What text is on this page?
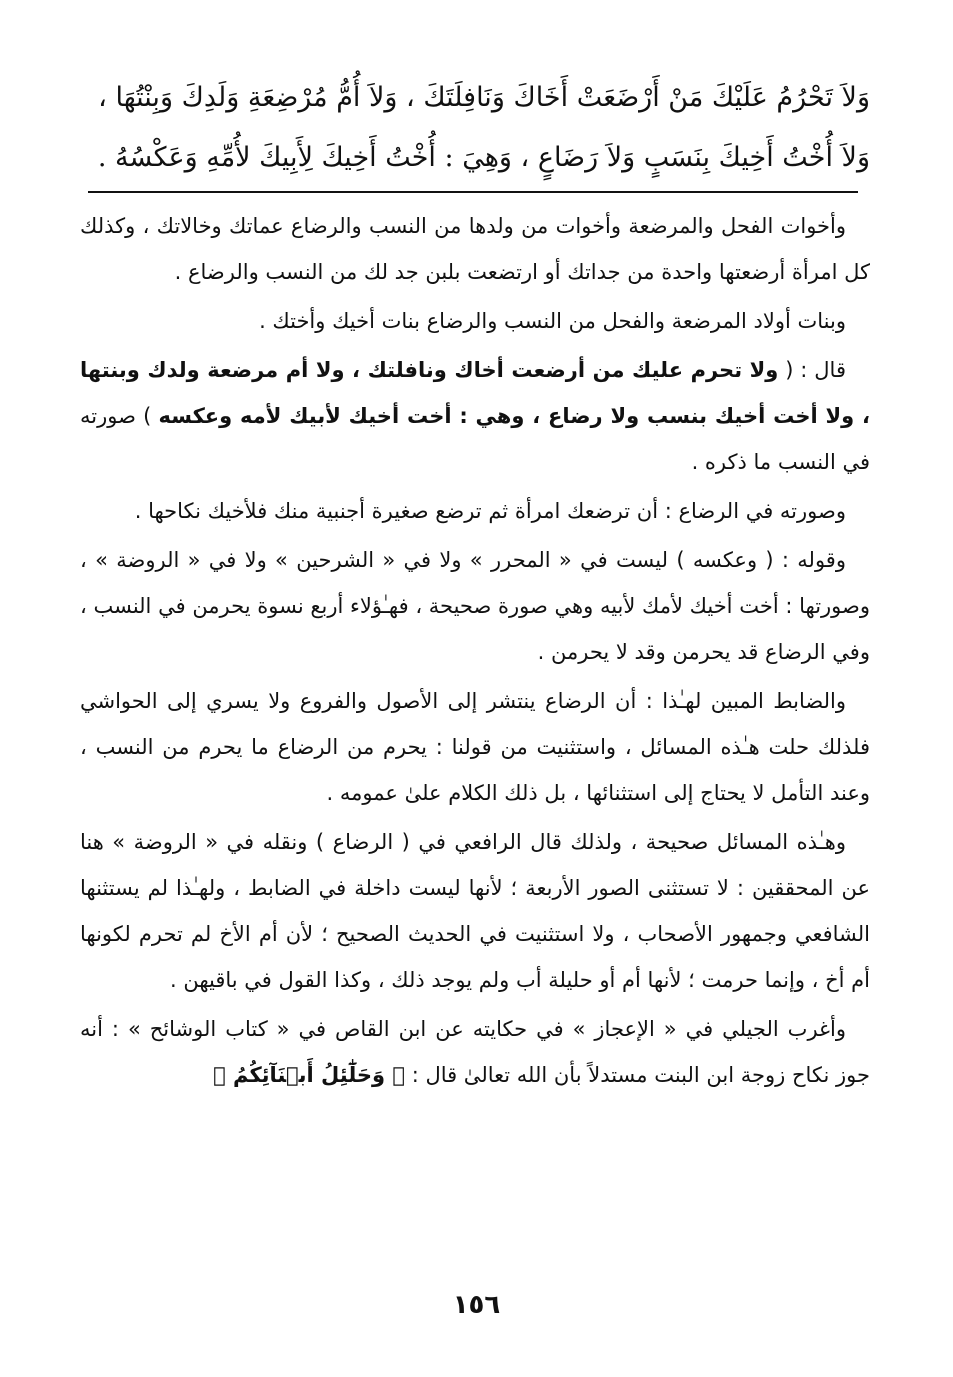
وَلاَ تَحْرُمُ عَلَيْكَ مَنْ أَرْضَعَتْ أَخَاكَ وَنَافِلَتَكَ ، وَلاَ أُمُّ مُرْضِعَةِ وَلَدِكَ وَبِنْتُهَا ،
وَلاَ أُخْتُ أَخِيكَ بِنَسَبٍ وَلاَ رَضَاعٍ ، وَهِيَ : أُخْتُ أَخِيكَ لِأَبِيكَ لأُمِّهِ وَعَكْسُهُ .

وأخوات الفحل والمرضعة وأخوات من ولدها من النسب والرضاع عماتك وخالاتك ، وكذلك كل امرأة أرضعتها واحدة من جداتك أو ارتضعت بلبن جد لك من النسب والرضاع .

وبنات أولاد المرضعة والفحل من النسب والرضاع بنات أخيك وأختك .

قال : ( ولا تحرم عليك من أرضعت أخاك ونافلتك ، ولا أم مرضعة ولدك وبنتها ، ولا أخت أخيك بنسب ولا رضاع ، وهي : أخت أخيك لأبيك لأمه وعكسه ) صورته في النسب ما ذكره .

وصورته في الرضاع : أن ترضعك امرأة ثم ترضع صغيرة أجنبية منك فلأخيك نكاحها .

وقوله : ( وعكسه ) ليست في « المحرر » ولا في « الشرحين » ولا في « الروضة » ، وصورتها : أخت أخيك لأمك لأبيه وهي صورة صحيحة ، فهـٰؤلاء أربع نسوة يحرمن في النسب ، وفي الرضاع قد يحرمن وقد لا يحرمن .

والضابط المبين لهـٰذا : أن الرضاع ينتشر إلى الأصول والفروع ولا يسري إلى الحواشي فلذلك حلت هـٰذه المسائل ، واستثنيت من قولنا : يحرم من الرضاع ما يحرم من النسب ، وعند التأمل لا يحتاج إلى استثنائها ، بل ذلك الكلام علىٰ عمومه .

وهـٰذه المسائل صحيحة ، ولذلك قال الرافعي في ( الرضاع ) ونقله في « الروضة » هنا عن المحققين : لا تستثنى الصور الأربعة ؛ لأنها ليست داخلة في الضابط ، ولهـٰذا لم يستثنها الشافعي وجمهور الأصحاب ، ولا استثنيت في الحديث الصحيح ؛ لأن أم الأخ لم تحرم لكونها أم أخ ، وإنما حرمت ؛ لأنها أم أو حليلة أب ولم يوجد ذلك ، وكذا القول في باقيهن .

وأغرب الجيلي في « الإعجاز » في حكايته عن ابن القاص في « كتاب الوشائح » : أنه جوز نكاح زوجة ابن البنت مستدلاً بأن الله تعالىٰ قال : ﴿ وَحَلَٰٓئِلُ أَبۡنَآئِكُمُ ﴾

١٥٦
